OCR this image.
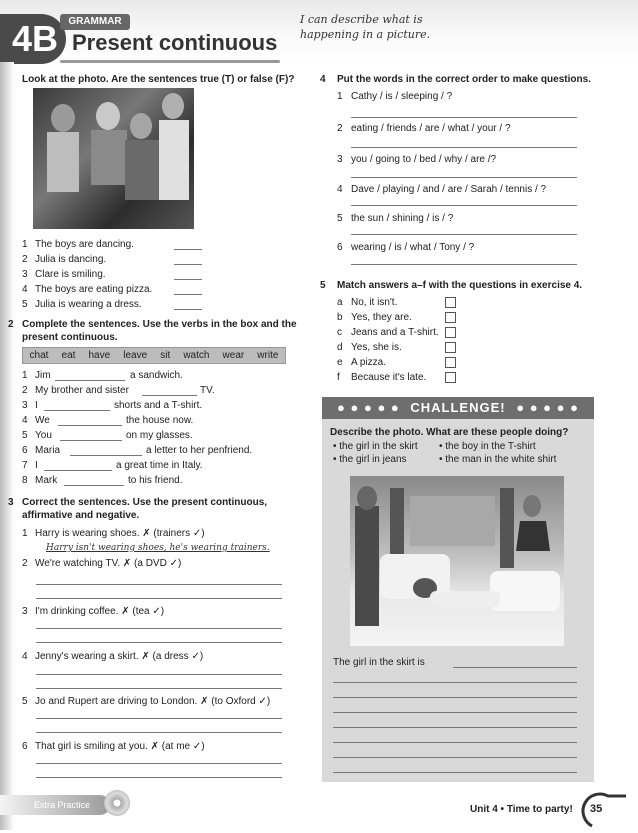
4B	GRAMMAR
Present continuous
I can describe what is
happening in a picture.
Look at the photo. Are the sentences true (T) or false (F)?
1 The boys are dancing.
2 Julia is dancing.
3 Clare is smiling.
4 The boys are eating pizza.
5 Julia is wearing a dress.
2 Complete the sentences. Use the verbs in the box and the
present continuous.
chat eat have leave sit watch wear write
1 Jim	a sandwich.
2 My brother and sister	TV.
3 I	shorts and a T-shirt.
4 We	the house now.
5 You	on my glasses.
6 Maria	a letter to her penfriend.
7 I	a great time in Italy.
8 Mark	to his friend.
3 Correct the sentences. Use the present continuous,
affirmative and negative.
1 Harry is wearing shoes. ✗ (trainers ✓)
Harry isn't wearing shoes, he's wearing trainers.
2 We're watching TV. ✗ (a DVD ✓)
3 I'm drinking coffee. ✗ (tea ✓)
4 Jenny's wearing a skirt. ✗ (a dress ✓)
5 Jo and Rupert are driving to London. ✗ (to Oxford ✓)
6 That girl is smiling at you. ✗ (at me ✓)
4 Put the words in the correct order to make questions.
1 Cathy / is / sleeping / ?
2 eating / friends / are / what / your / ?
3 you / going to / bed / why / are /?
4 Dave / playing / and / are / Sarah / tennis / ?
5 the sun / shining / is / ?
6 wearing / is / what / Tony / ?
5 Match answers a–f with the questions in exercise 4.
a No, it isn't.
b Yes, they are.
c Jeans and a T-shirt.
d Yes, she is.
e A pizza.
f Because it's late.
● ● ● ● ● CHALLENGE! ● ● ● ● ●
Describe the photo. What are these people doing?
• the girl in the skirt • the boy in the T-shirt
• the girl in jeans	• the man in the white shirt
The girl in the skirt is
Extra Practice	Unit 4 • Time to party! 35
